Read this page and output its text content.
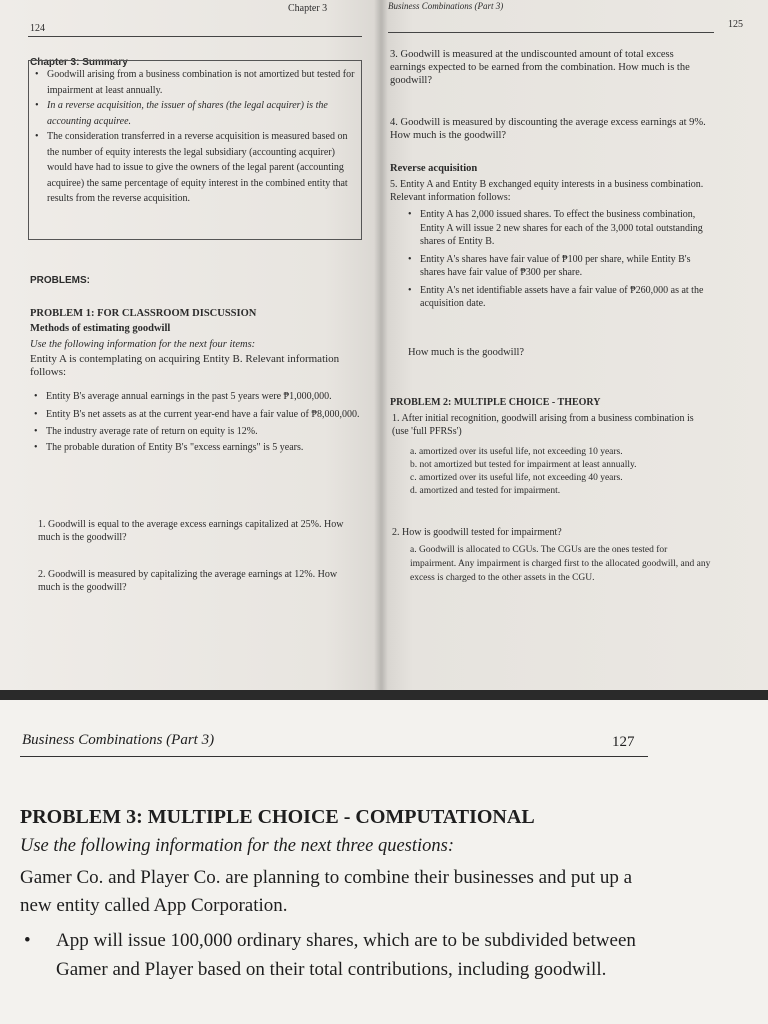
124
Chapter 3
Chapter 3: Summary
• Goodwill arising from a business combination is not amortized but tested for impairment at least annually.
• In a reverse acquisition, the issuer of shares (the legal acquirer) is the accounting acquiree.
• The consideration transferred in a reverse acquisition is measured based on the number of equity interests the legal subsidiary (accounting acquirer) would have had to issue to give the owners of the legal parent (accounting acquiree) the same percentage of equity interest in the combined entity that results from the reverse acquisition.
PROBLEMS:
PROBLEM 1: FOR CLASSROOM DISCUSSION
Methods of estimating goodwill
Use the following information for the next four items:
Entity A is contemplating on acquiring Entity B. Relevant information follows:
• Entity B's average annual earnings in the past 5 years were ₱1,000,000.
• Entity B's net assets as at the current year-end have a fair value of ₱8,000,000.
• The industry average rate of return on equity is 12%.
• The probable duration of Entity B's "excess earnings" is 5 years.
1. Goodwill is equal to the average excess earnings capitalized at 25%. How much is the goodwill?
2. Goodwill is measured by capitalizing the average earnings at 12%. How much is the goodwill?
Business Combinations (Part 3)
125
3. Goodwill is measured at the undiscounted amount of total excess earnings expected to be earned from the combination. How much is the goodwill?
4. Goodwill is measured by discounting the average excess earnings at 9%. How much is the goodwill?
Reverse acquisition
5. Entity A and Entity B exchanged equity interests in a business combination. Relevant information follows:
• Entity A has 2,000 issued shares. To effect the business combination, Entity A will issue 2 new shares for each of the 3,000 total outstanding shares of Entity B.
• Entity A's shares have fair value of ₱100 per share, while Entity B's shares have fair value of ₱300 per share.
• Entity A's net identifiable assets have a fair value of ₱260,000 as at the acquisition date.
How much is the goodwill?
PROBLEM 2: MULTIPLE CHOICE - THEORY
1. After initial recognition, goodwill arising from a business combination is (use 'full PFRSs')
a. amortized over its useful life, not exceeding 10 years.
b. not amortized but tested for impairment at least annually.
c. amortized over its useful life, not exceeding 40 years.
d. amortized and tested for impairment.
2. How is goodwill tested for impairment?
a. Goodwill is allocated to CGUs. The CGUs are the ones tested for impairment. Any impairment is charged first to the allocated goodwill, and any excess is charged to the other assets in the CGU.
Business Combinations (Part 3)	127
PROBLEM 3: MULTIPLE CHOICE - COMPUTATIONAL
Use the following information for the next three questions:
Gamer Co. and Player Co. are planning to combine their businesses and put up a new entity called App Corporation.
• App will issue 100,000 ordinary shares, which are to be subdivided between Gamer and Player based on their total contributions, including goodwill.
